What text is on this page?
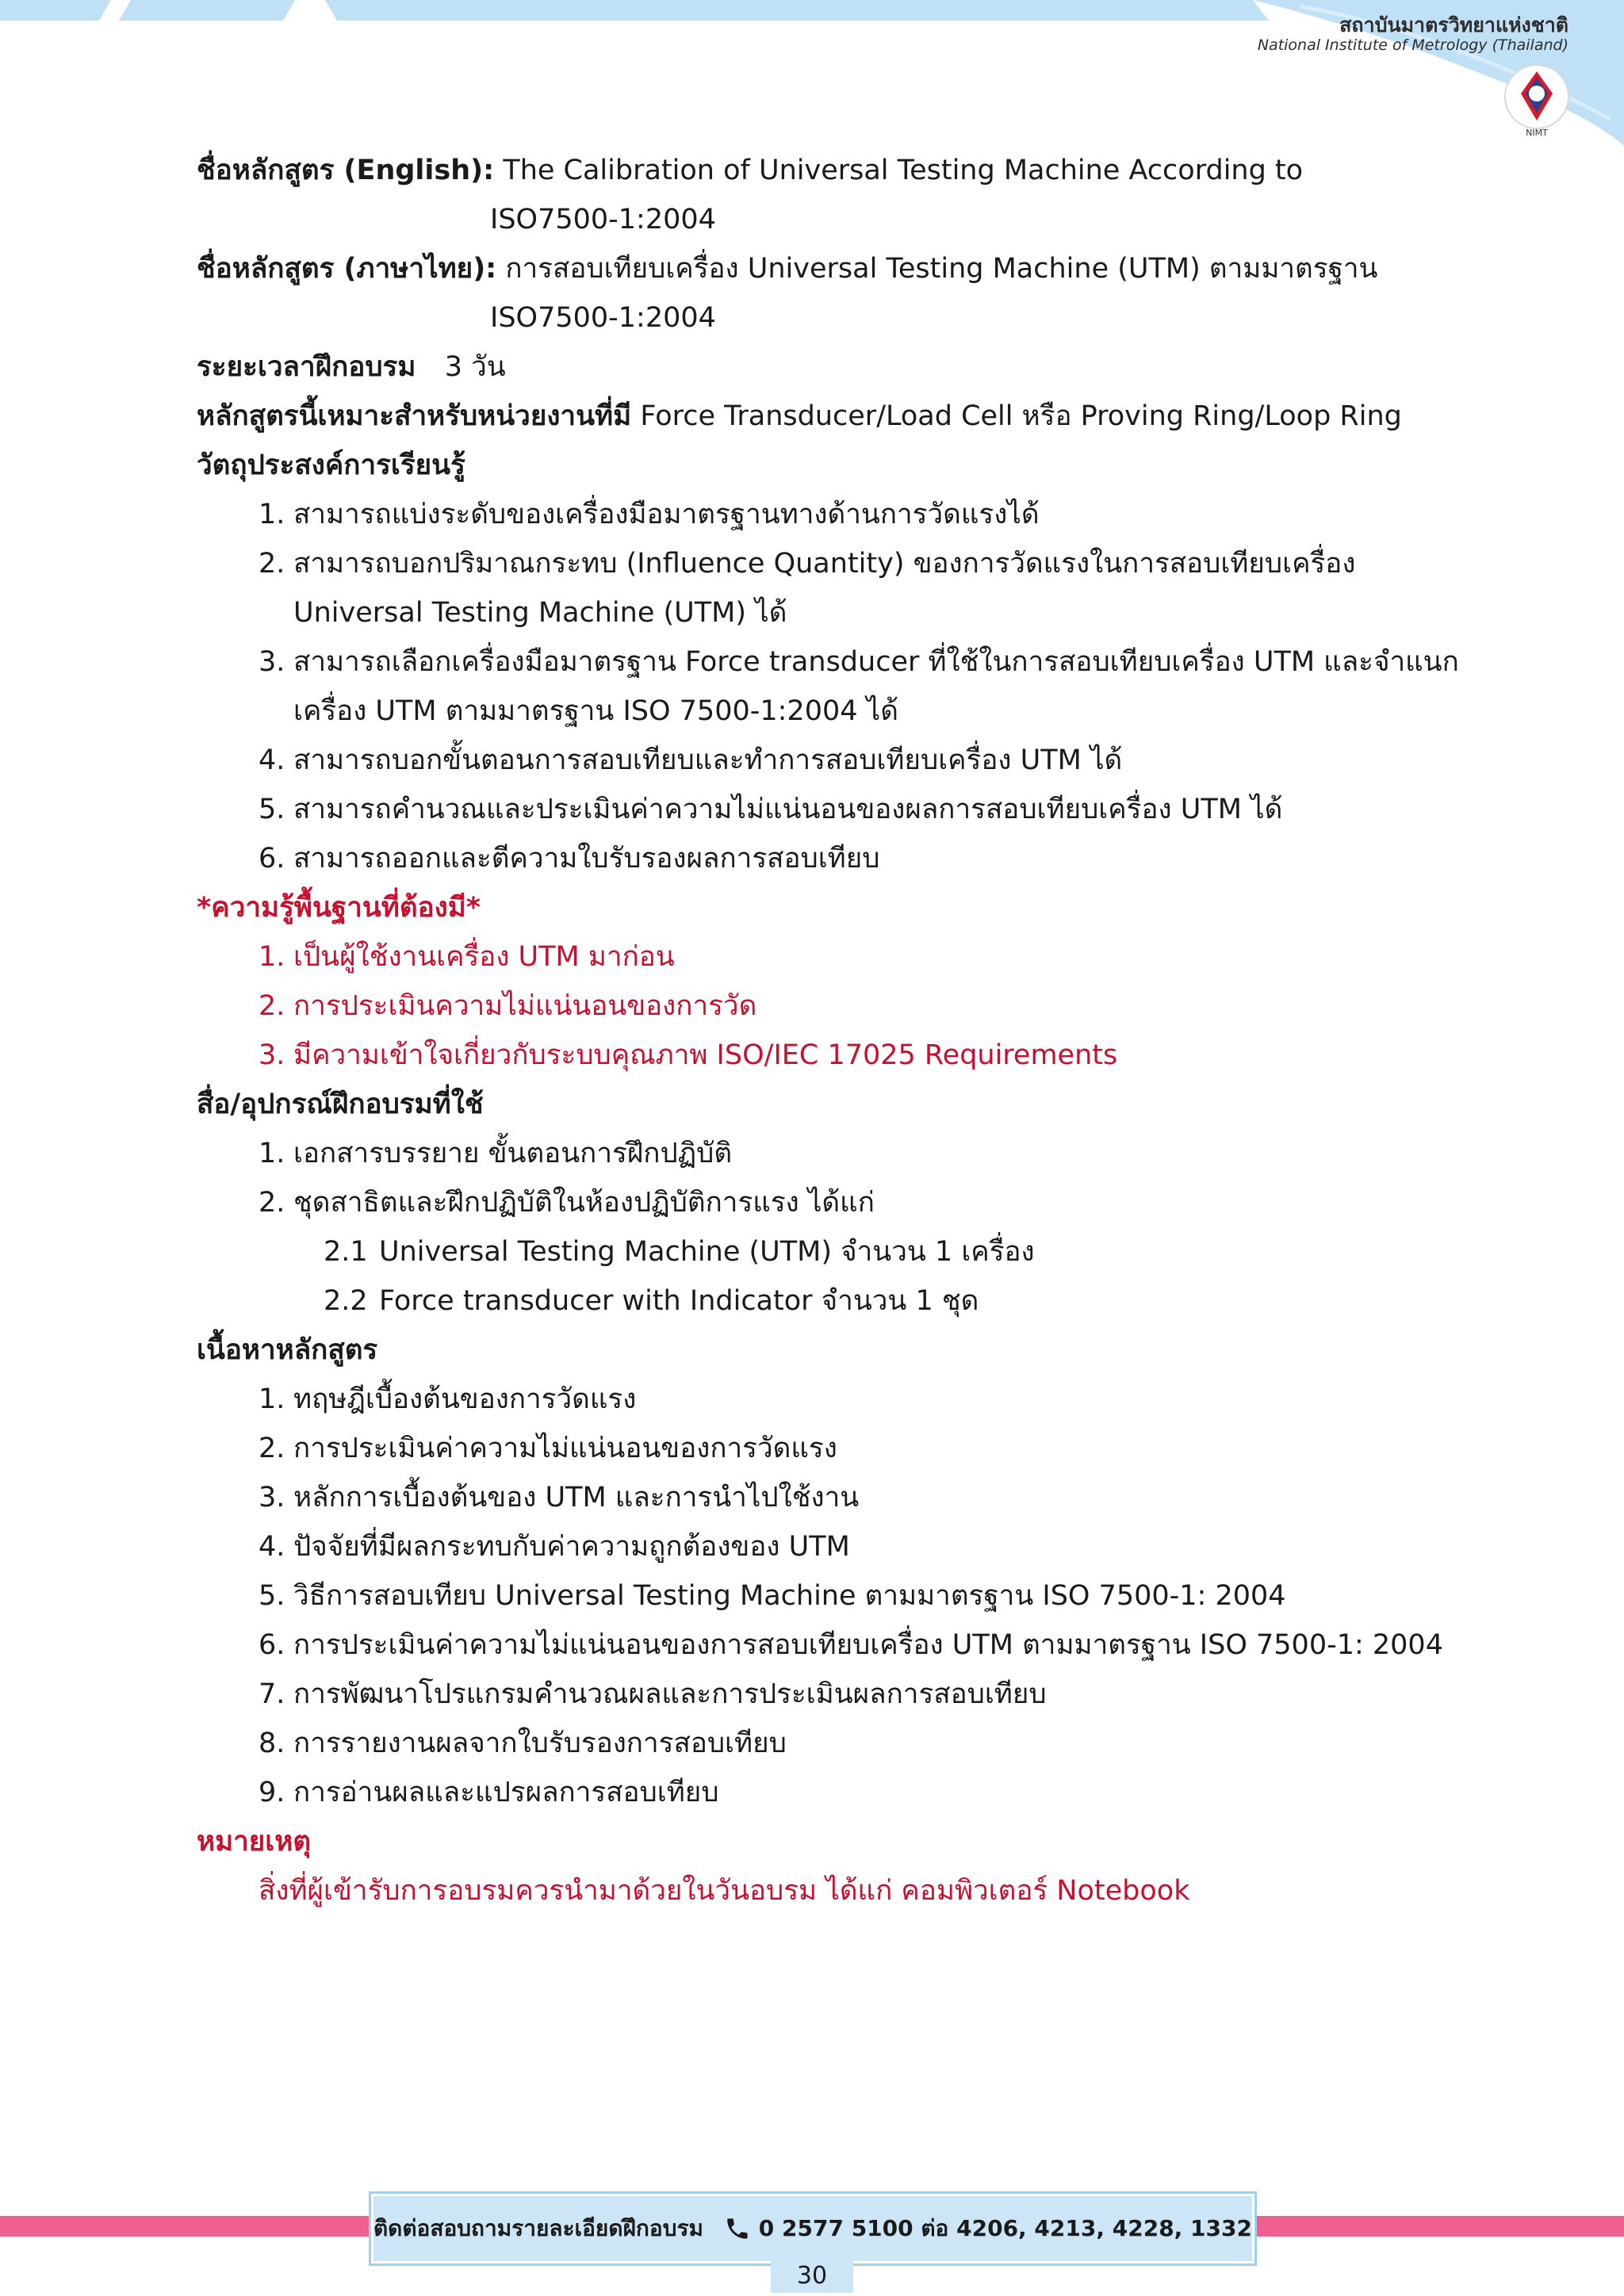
สถาบันมาตรวิทยาแห่งชาติ
National Institute of Metrology (Thailand)
NIMT
ชื่อหลักสูตร (English): The Calibration of Universal Testing Machine According to
ISO7500-1:2004
ชื่อหลักสูตร (ภาษาไทย): การสอบเทียบเครื่อง Universal Testing Machine (UTM) ตามมาตรฐาน
ISO7500-1:2004
ระยะเวลาฝึกอบรม 3 วัน
หลักสูตรนี้เหมาะสำหรับหน่วยงานที่มี Force Transducer/Load Cell หรือ Proving Ring/Loop Ring
วัตถุประสงค์การเรียนรู้
1. สามารถแบ่งระดับของเครื่องมือมาตรฐานทางด้านการวัดแรงได้
2. สามารถบอกปริมาณกระทบ (Influence Quantity) ของการวัดแรงในการสอบเทียบเครื่อง
Universal Testing Machine (UTM) ได้
3. สามารถเลือกเครื่องมือมาตรฐาน Force transducer ที่ใช้ในการสอบเทียบเครื่อง UTM และจำแนก
เครื่อง UTM ตามมาตรฐาน ISO 7500-1:2004 ได้
4. สามารถบอกขั้นตอนการสอบเทียบและทำการสอบเทียบเครื่อง UTM ได้
5. สามารถคำนวณและประเมินค่าความไม่แน่นอนของผลการสอบเทียบเครื่อง UTM ได้
6. สามารถออกและตีความใบรับรองผลการสอบเทียบ
*ความรู้พื้นฐานที่ต้องมี*
1. เป็นผู้ใช้งานเครื่อง UTM มาก่อน
2. การประเมินความไม่แน่นอนของการวัด
3. มีความเข้าใจเกี่ยวกับระบบคุณภาพ ISO/IEC 17025 Requirements
สื่อ/อุปกรณ์ฝึกอบรมที่ใช้
1. เอกสารบรรยาย ขั้นตอนการฝึกปฏิบัติ
2. ชุดสาธิตและฝึกปฏิบัติในห้องปฏิบัติการแรง ได้แก่
2.1 Universal Testing Machine (UTM) จำนวน 1 เครื่อง
2.2 Force transducer with Indicator จำนวน 1 ชุด
เนื้อหาหลักสูตร
1. ทฤษฎีเบื้องต้นของการวัดแรง
2. การประเมินค่าความไม่แน่นอนของการวัดแรง
3. หลักการเบื้องต้นของ UTM และการนำไปใช้งาน
4. ปัจจัยที่มีผลกระทบกับค่าความถูกต้องของ UTM
5. วิธีการสอบเทียบ Universal Testing Machine ตามมาตรฐาน ISO 7500-1: 2004
6. การประเมินค่าความไม่แน่นอนของการสอบเทียบเครื่อง UTM ตามมาตรฐาน ISO 7500-1: 2004
7. การพัฒนาโปรแกรมคำนวณผลและการประเมินผลการสอบเทียบ
8. การรายงานผลจากใบรับรองการสอบเทียบ
9. การอ่านผลและแปรผลการสอบเทียบ
หมายเหตุ
สิ่งที่ผู้เข้ารับการอบรมควรนำมาด้วยในวันอบรม ได้แก่ คอมพิวเตอร์ Notebook
ติดต่อสอบถามรายละเอียดฝึกอบรม 0 2577 5100 ต่อ 4206, 4213, 4228, 1332
30
